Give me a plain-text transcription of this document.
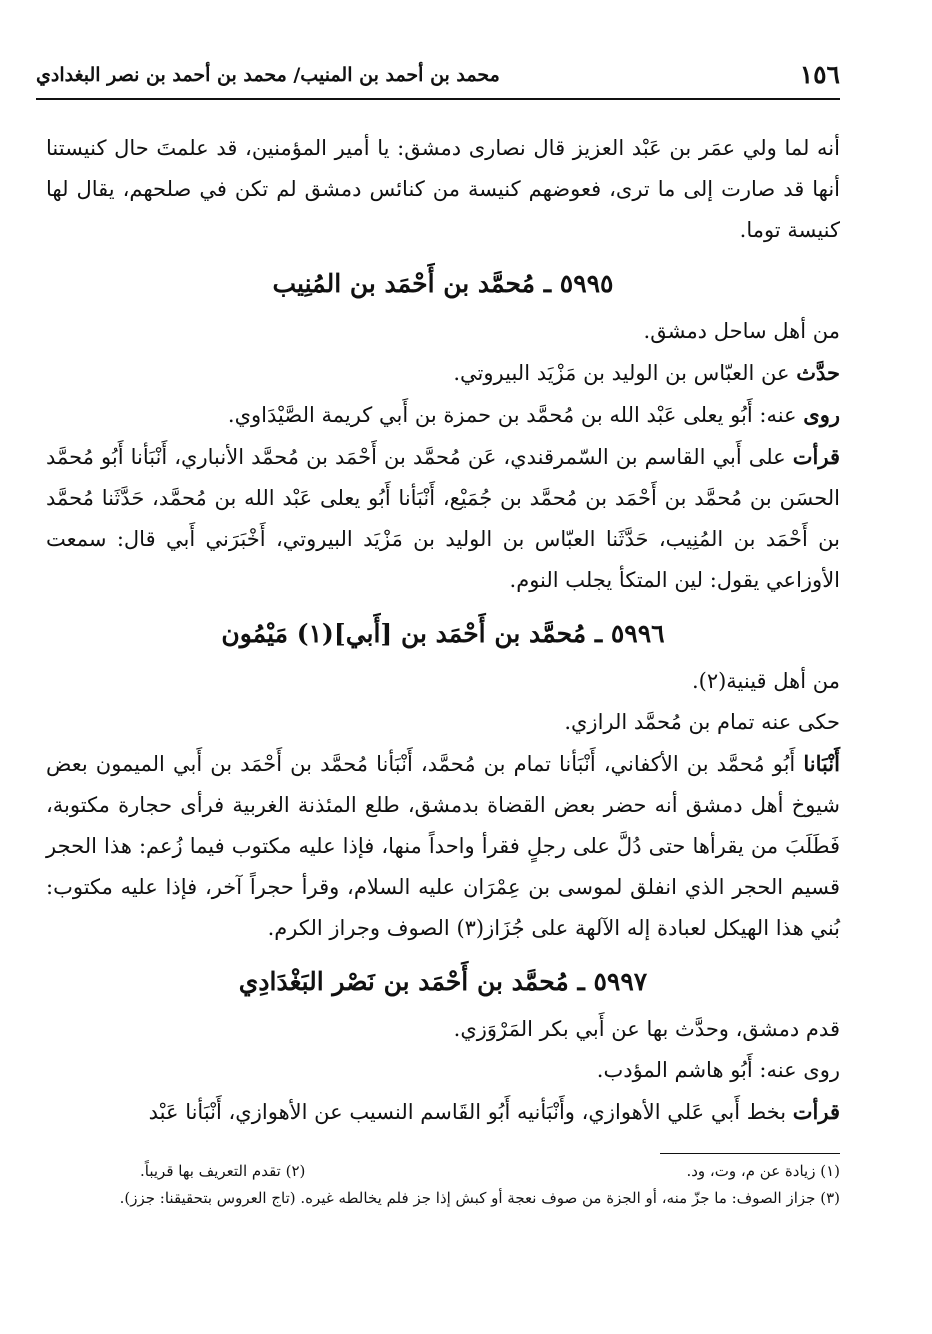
١٥٦
محمد بن أحمد بن المنيب/ محمد بن أحمد بن نصر البغدادي

أنه لما ولي عمَر بن عَبْد العزيز قال نصارى دمشق: يا أمير المؤمنين، قد علمتَ حال كنيستنا أنها قد صارت إلى ما ترى، فعوضهم كنيسة من كنائس دمشق لم تكن في صلحهم، يقال لها كنيسة توما.

٥٩٩٥ ـ مُحمَّد بن أَحْمَد بن المُنِيب

من أهل ساحل دمشق.

حدَّث عن العبّاس بن الوليد بن مَزْيَد البيروتي.

روى عنه: أَبُو يعلى عَبْد الله بن مُحمَّد بن حمزة بن أَبي كريمة الصَّيْدَاوي.

قرأت على أَبي القاسم بن السّمرقندي، عَن مُحمَّد بن أَحْمَد بن مُحمَّد الأنباري، أَنْبَأنا أَبُو مُحمَّد الحسَن بن مُحمَّد بن أَحْمَد بن مُحمَّد بن جُمَيْع، أَنْبَأنا أَبُو يعلى عَبْد الله بن مُحمَّد، حَدَّثَنا مُحمَّد بن أَحْمَد بن المُنِيب، حَدَّثَنا العبّاس بن الوليد بن مَزْيَد البيروتي، أَخْبَرَني أَبي قال: سمعت الأوزاعي يقول: لين المتكأ يجلب النوم.

٥٩٩٦ ـ مُحمَّد بن أَحْمَد بن [أَبي](١) مَيْمُون

من أهل قينية(٢).

حكى عنه تمام بن مُحمَّد الرازي.

أَنْبَانا أَبُو مُحمَّد بن الأكفاني، أَنْبَأنا تمام بن مُحمَّد، أَنْبَأنا مُحمَّد بن أَحْمَد بن أَبي الميمون بعض شيوخ أهل دمشق أنه حضر بعض القضاة بدمشق، طلع المئذنة الغربية فرأى حجارة مكتوبة، فَطَلَبَ من يقرأها حتى دُلَّ على رجلٍ فقرأ واحداً منها، فإذا عليه مكتوب فيما زُعم: هذا الحجر قسيم الحجر الذي انفلق لموسى بن عِمْرَان عليه السلام، وقرأ حجراً آخر، فإذا عليه مكتوب: بُني هذا الهيكل لعبادة إله الآلهة على جُزَاز(٣) الصوف وجراز الكرم.

٥٩٩٧ ـ مُحمَّد بن أَحْمَد بن نَصْر البَغْدَادِي

قدم دمشق، وحدَّث بها عن أَبي بكر المَرْوَزي.

روى عنه: أَبُو هاشم المؤدب.

قرأت بخط أَبي عَلي الأهوازي، وأَنْبَأنيه أَبُو القَاسم النسيب عن الأهوازي، أَنْبَأنا عَبْد

(١) زيادة عن م، وت، ود.
(٢) تقدم التعريف بها قريباً.
(٣) جزاز الصوف: ما جزّ منه، أو الجزة من صوف نعجة أو كبش إذا جز فلم يخالطه غيره. (تاج العروس بتحقيقنا: جزز).
